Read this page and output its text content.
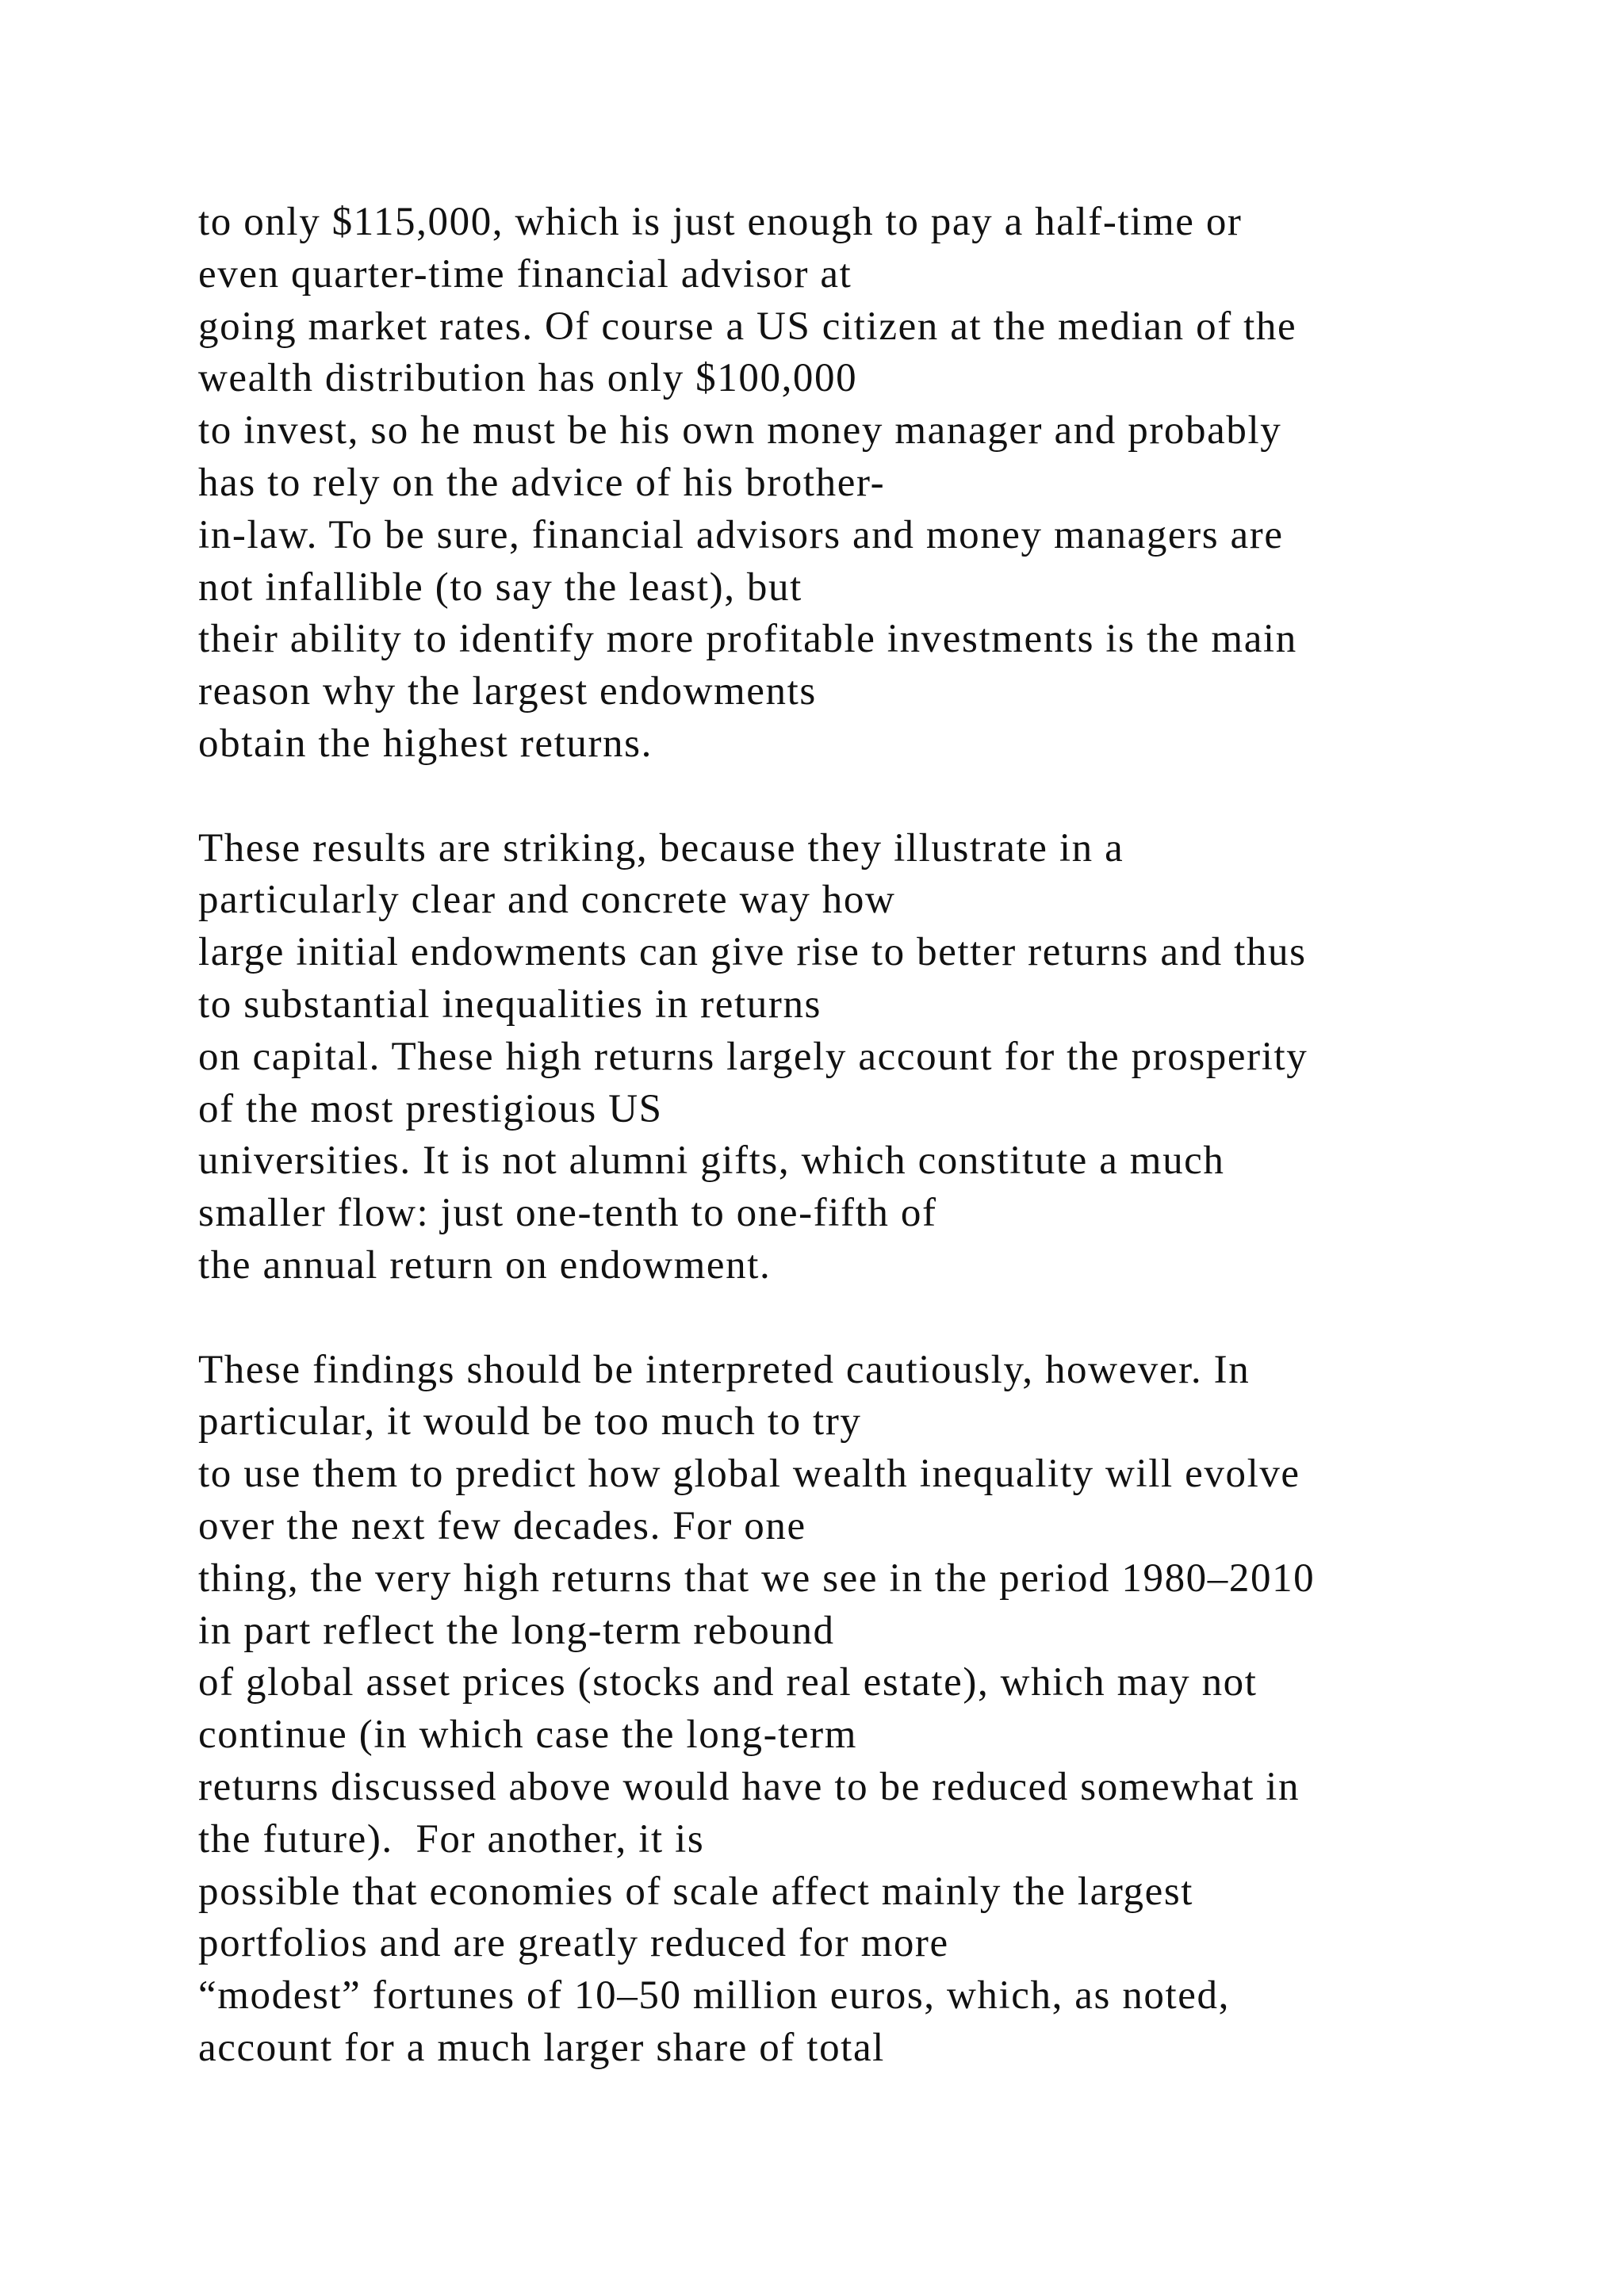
to only $115,000, which is just enough to pay a half-time or
even quarter-time financial advisor at
going market rates. Of course a US citizen at the median of the
wealth distribution has only $100,000
to invest, so he must be his own money manager and probably
has to rely on the advice of his brother-
in-law. To be sure, financial advisors and money managers are
not infallible (to say the least), but
their ability to identify more profitable investments is the main
reason why the largest endowments
obtain the highest returns.
These results are striking, because they illustrate in a
particularly clear and concrete way how
large initial endowments can give rise to better returns and thus
to substantial inequalities in returns
on capital. These high returns largely account for the prosperity
of the most prestigious US
universities. It is not alumni gifts, which constitute a much
smaller flow: just one-tenth to one-fifth of
the annual return on endowment.
These findings should be interpreted cautiously, however. In
particular, it would be too much to try
to use them to predict how global wealth inequality will evolve
over the next few decades. For one
thing, the very high returns that we see in the period 1980–2010
in part reflect the long-term rebound
of global asset prices (stocks and real estate), which may not
continue (in which case the long-term
returns discussed above would have to be reduced somewhat in
the future).  For another, it is
possible that economies of scale affect mainly the largest
portfolios and are greatly reduced for more
“modest” fortunes of 10–50 million euros, which, as noted,
account for a much larger share of total
